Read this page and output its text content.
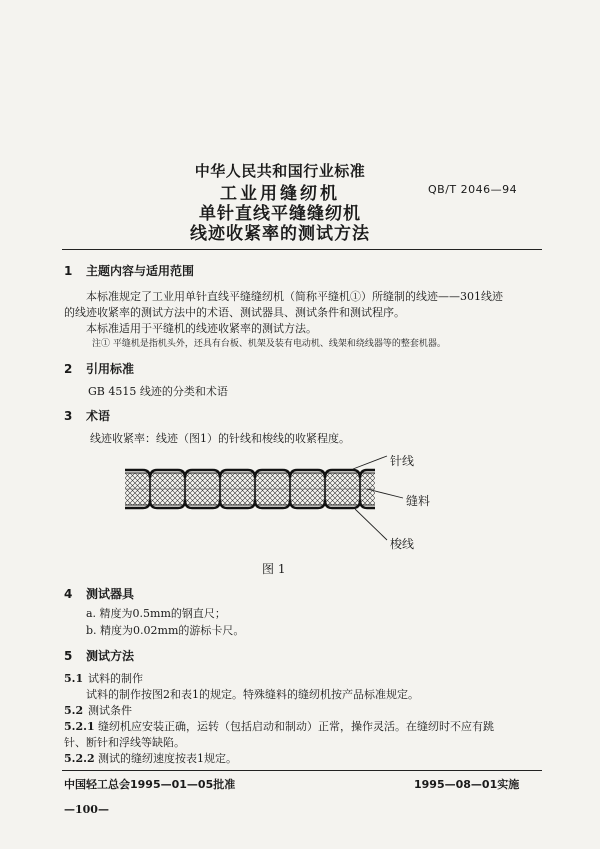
中华人民共和国行业标准
工业用缝纫机
单针直线平缝缝纫机
线迹收紧率的测试方法
QB/T 2046—94
1 主题内容与适用范围
本标准规定了工业用单针直线平缝缝纫机（简称平缝机①）所缝制的线迹——301线迹
的线迹收紧率的测试方法中的术语、测试器具、测试条件和测试程序。
本标准适用于平缝机的线迹收紧率的测试方法。
注① 平缝机是指机头外，还具有台板、机架及装有电动机、线架和绕线器等的整套机器。
2 引用标准
GB 4515 线迹的分类和术语
3 术语
线迹收紧率：线迹（图1）的针线和梭线的收紧程度。
针线
缝料
梭线
图 1
4 测试器具
a. 精度为0.5mm的钢直尺；
b. 精度为0.02mm的游标卡尺。
5 测试方法
5.1 试料的制作
试料的制作按图2和表1的规定。特殊缝料的缝纫机按产品标准规定。
5.2 测试条件
5.2.1 缝纫机应安装正确，运转（包括启动和制动）正常，操作灵活。在缝纫时不应有跳
针、断针和浮线等缺陷。
5.2.2 测试的缝纫速度按表1规定。
中国轻工总会1995—01—05批准	1995—08—01实施
—100—
